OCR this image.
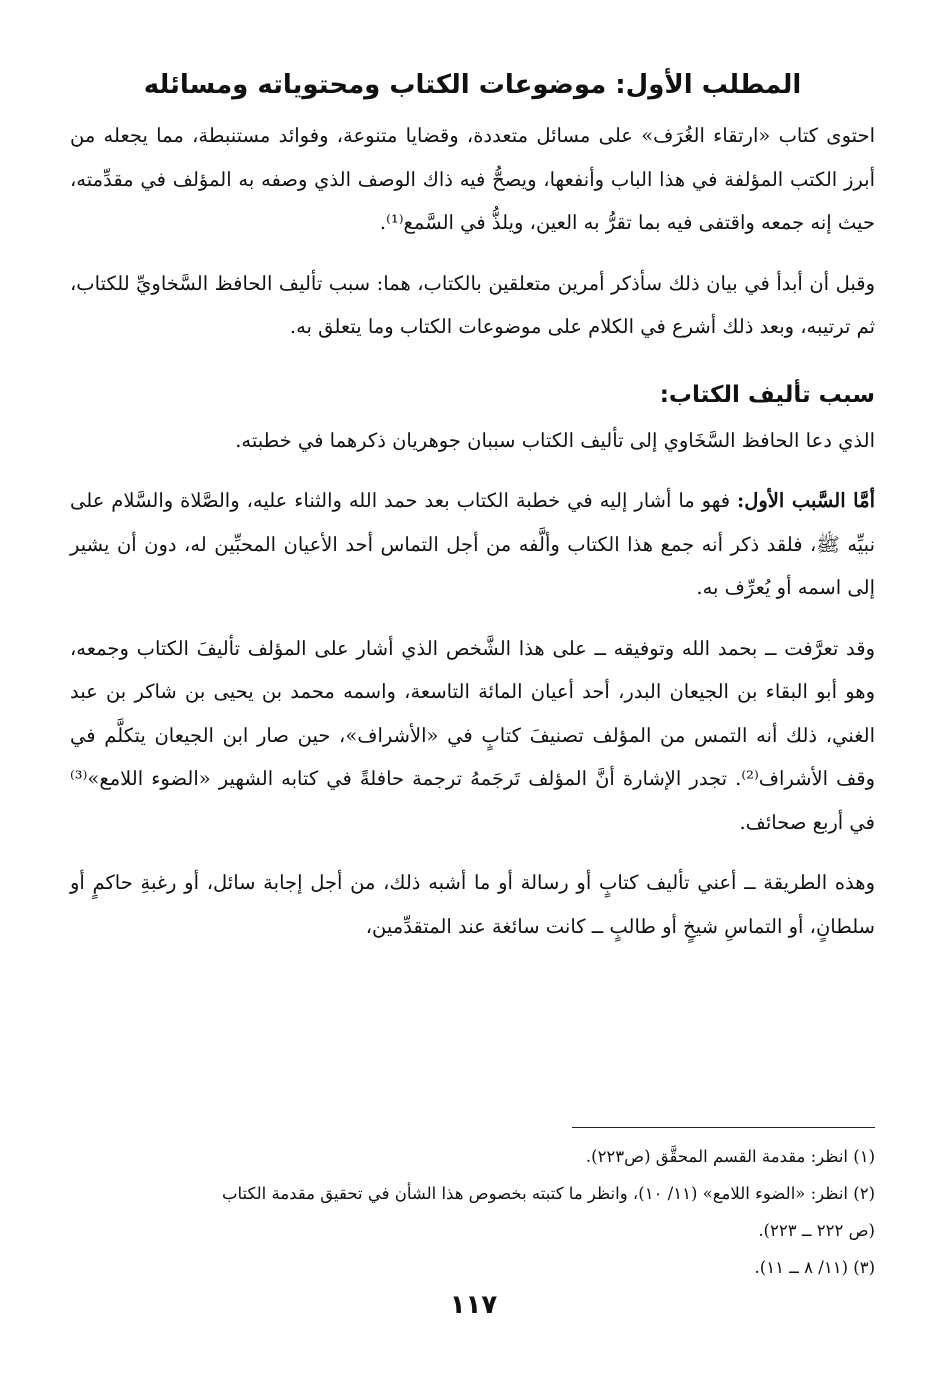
المطلب الأول: موضوعات الكتاب ومحتوياته ومسائله

احتوى كتاب «ارتقاء الغُرَف» على مسائل متعددة، وقضايا متنوعة، وفوائد مستنبطة، مما يجعله من أبرز الكتب المؤلفة في هذا الباب وأنفعها، ويصحُّ فيه ذاك الوصف الذي وصفه به المؤلف في مقدِّمته، حيث إنه جمعه واقتفى فيه بما تقرُّ به العين، ويلذُّ في السَّمع⁽¹⁾.

وقبل أن أبدأ في بيان ذلك سأذكر أمرين متعلقين بالكتاب، هما: سبب تأليف الحافظ السَّخاويِّ للكتاب، ثم ترتيبه، وبعد ذلك أشرع في الكلام على موضوعات الكتاب وما يتعلق به.

سبب تأليف الكتاب:

الذي دعا الحافظ السَّخَاوي إلى تأليف الكتاب سببان جوهريان ذكرهما في خطبته.

أمَّا السَّبب الأول: فهو ما أشار إليه في خطبة الكتاب بعد حمد الله والثناء عليه، والصَّلاة والسَّلام على نبيِّه ﷺ، فلقد ذكر أنه جمع هذا الكتاب وألَّفه من أجل التماس أحد الأعيان المحبِّين له، دون أن يشير إلى اسمه أو يُعرِّف به.

وقد تعرَّفت ــ بحمد الله وتوفيقه ــ على هذا الشَّخص الذي أشار على المؤلف تأليفَ الكتاب وجمعه، وهو أبو البقاء بن الجيعان البدر، أحد أعيان المائة التاسعة، واسمه محمد بن يحيى بن شاكر بن عبد الغني، ذلك أنه التمس من المؤلف تصنيفَ كتابٍ في «الأشراف»، حين صار ابن الجيعان يتكلَّم في وقف الأشراف⁽²⁾. تجدر الإشارة أنَّ المؤلف تَرجَمهُ ترجمة حافلةً في كتابه الشهير «الضوء اللامع»⁽³⁾ في أربع صحائف.

وهذه الطريقة ــ أعني تأليف كتابٍ أو رسالة أو ما أشبه ذلك، من أجل إجابة سائل، أو رغبةِ حاكمٍ أو سلطانٍ، أو التماسِ شيخٍ أو طالبٍ ــ كانت سائغة عند المتقدِّمين،

(١) انظر: مقدمة القسم المحقَّق (ص٢٢٣).

(٢) انظر: «الضوء اللامع» (١١/ ١٠)، وانظر ما كتبته بخصوص هذا الشأن في تحقيق مقدمة الكتاب

(ص ٢٢٢ ــ ٢٢٣).

(٣) (١١/ ٨ ــ ١١).

١١٧
